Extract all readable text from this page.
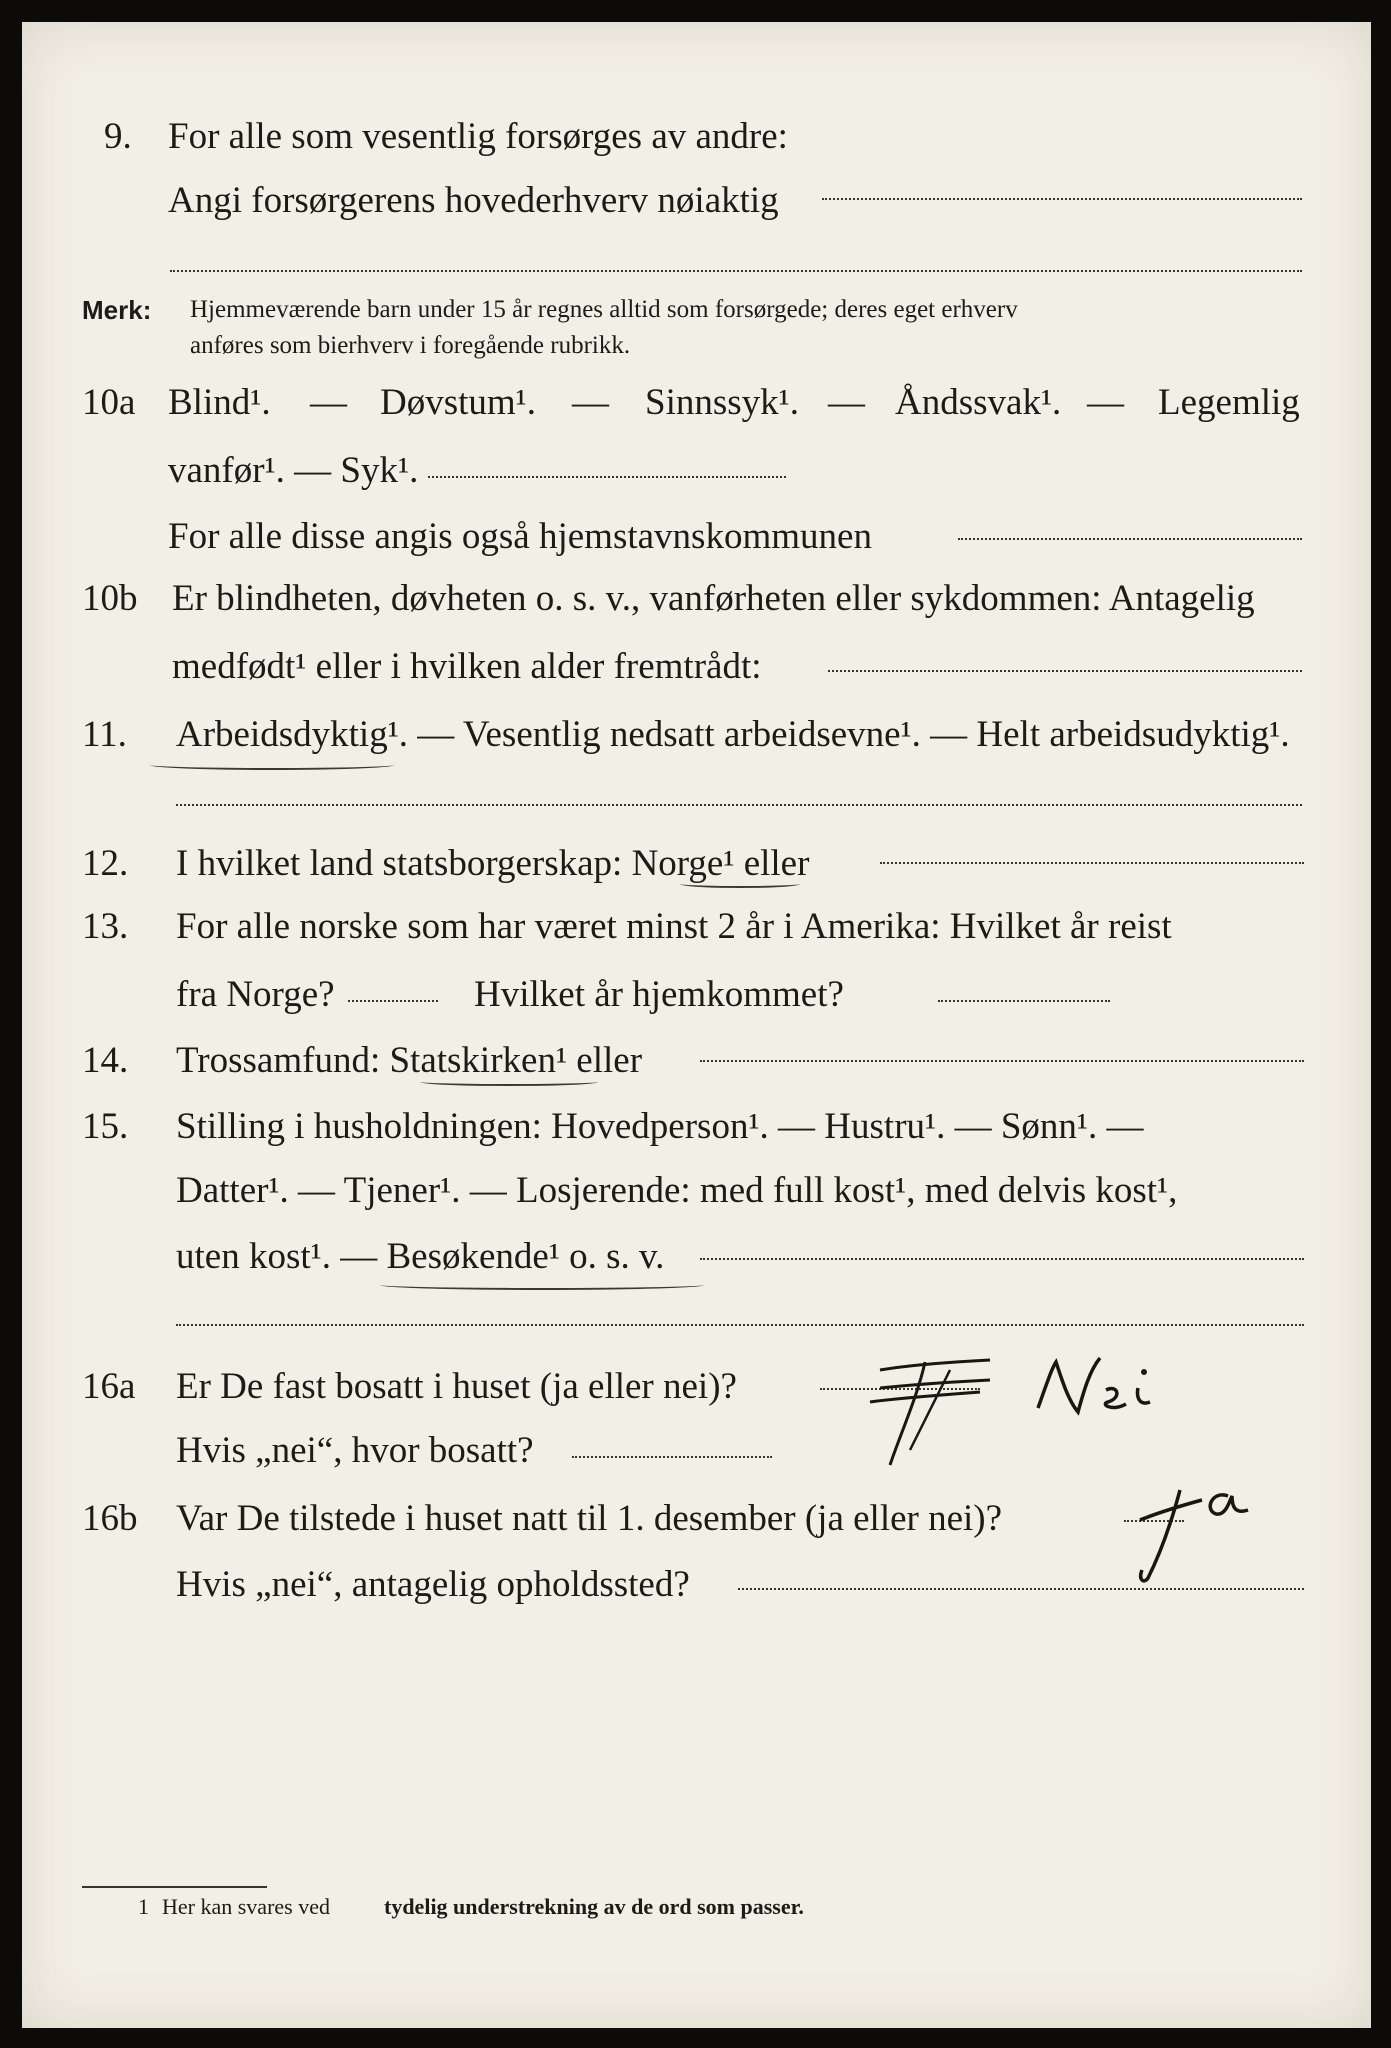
9. For alle som vesentlig forsørges av andre:
Angi forsørgerens hovederhverv nøiaktig
Merk: Hjemmeværende barn under 15 år regnes alltid som forsørgede; deres eget erhverv
anføres som bierhverv i foregående rubrikk.
10a Blind¹. — Døvstum¹. — Sinnssyk¹. — Åndssvak¹. — Legemlig
vanfør¹. — Syk¹.
For alle disse angis også hjemstavnskommunen
10b Er blindheten, døvheten o. s. v., vanførheten eller sykdommen: Antagelig
medfødt¹ eller i hvilken alder fremtrådt:
11. Arbeidsdyktig¹. — Vesentlig nedsatt arbeidsevne¹. — Helt arbeidsudyktig¹.
12. I hvilket land statsborgerskap: Norge¹ eller
13. For alle norske som har været minst 2 år i Amerika: Hvilket år reist
fra Norge?	Hvilket år hjemkommet?
14. Trossamfund: Statskirken¹ eller
15. Stilling i husholdningen: Hovedperson¹. — Hustru¹. — Sønn¹. —
Datter¹. — Tjener¹. — Losjerende: med full kost¹, med delvis kost¹,
uten kost¹. — Besøkende¹ o. s. v.
16a Er De fast bosatt i huset (ja eller nei)?
Hvis „nei“, hvor bosatt?
16b Var De tilstede i huset natt til 1. desember (ja eller nei)?
Hvis „nei“, antagelig opholdssted?
1 Her kan svares ved tydelig understrekning av de ord som passer.
